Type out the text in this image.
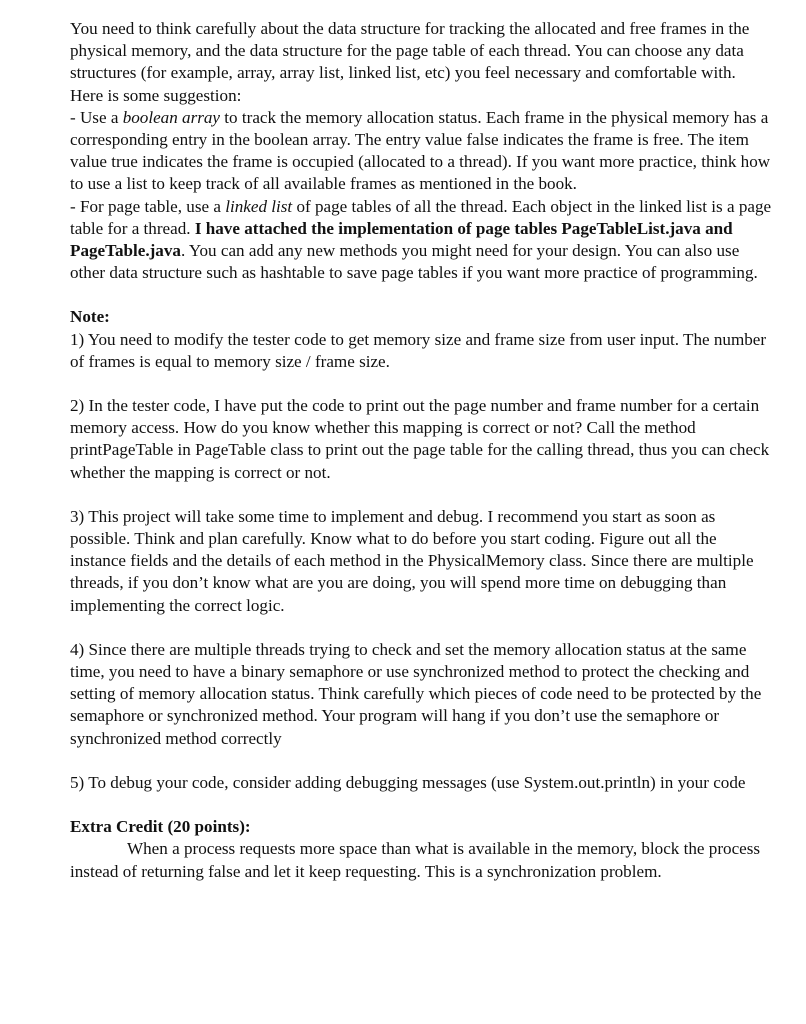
You need to think carefully about the data structure for tracking the allocated and free frames in the physical memory, and the data structure for the page table of each thread. You can choose any data structures (for example, array, array list, linked list, etc) you feel necessary and comfortable with.

Here is some suggestion:

- Use a boolean array to track the memory allocation status. Each frame in the physical memory has a corresponding entry in the boolean array. The entry value false indicates the frame is free. The item value true indicates the frame is occupied (allocated to a thread). If you want more practice, think how to use a list to keep track of all available frames as mentioned in the book.

- For page table, use a linked list of page tables of all the thread. Each object in the linked list is a page table for a thread. I have attached the implementation of page tables PageTableList.java and PageTable.java. You can add any new methods you might need for your design. You can also use other data structure such as hashtable to save page tables if you want more practice of programming.

Note:

1) You need to modify the tester code to get memory size and frame size from user input. The number of frames is equal to memory size / frame size.

2) In the tester code, I have put the code to print out the page number and frame number for a certain memory access. How do you know whether this mapping is correct or not? Call the method printPageTable in PageTable class to print out the page table for the calling thread, thus you can check whether the mapping is correct or not.

3) This project will take some time to implement and debug. I recommend you start as soon as possible. Think and plan carefully. Know what to do before you start coding. Figure out all the instance fields and the details of each method in the PhysicalMemory class. Since there are multiple threads, if you don’t know what are you are doing, you will spend more time on debugging than implementing the correct logic.

4) Since there are multiple threads trying to check and set the memory allocation status at the same time, you need to have a binary semaphore or use synchronized method to protect the checking and setting of memory allocation status. Think carefully which pieces of code need to be protected by the semaphore or synchronized method. Your program will hang if you don’t use the semaphore or synchronized method correctly

5) To debug your code, consider adding debugging messages (use System.out.println) in your code

Extra Credit (20 points):

When a process requests more space than what is available in the memory, block the process instead of returning false and let it keep requesting. This is a synchronization problem.
